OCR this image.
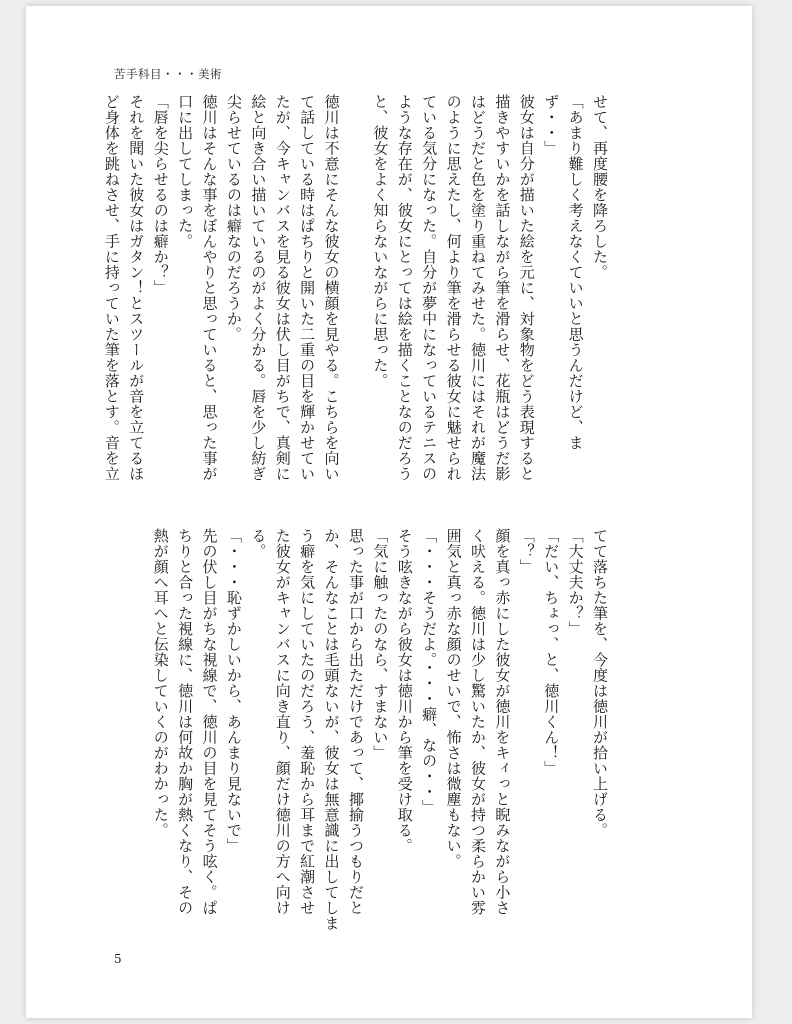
苦手科目・・・美術

せて、再度腰を降ろした。

「あまり難しく考えなくていいと思うんだけど、まず・・」

彼女は自分が描いた絵を元に、対象物をどう表現すると

描きやすいかを話しながら筆を滑らせ、花瓶はどうだ影

はどうだと色を塗り重ねてみせた。徳川にはそれが魔法

のように思えたし、何より筆を滑らせる彼女に魅せられ

ている気分になった。自分が夢中になっているテニスの

ような存在が、彼女にとっては絵を描くことなのだろう

と、彼女をよく知らないながらに思った。

徳川は不意にそんな彼女の横顔を見やる。こちらを向い

て話している時はぱちりと開いた二重の目を輝かせてい

たが、今キャンバスを見る彼女は伏し目がちで、真剣に

絵と向き合い描いているのがよく分かる。唇を少し紡ぎ

尖らせているのは癖なのだろうか。

徳川はそんな事をぼんやりと思っていると、思った事が

口に出してしまった。

「唇を尖らせるのは癖か？」

それを聞いた彼女はガタン！とスツールが音を立てるほ

ど身体を跳ねさせ、手に持っていた筆を落とす。音を立

てて落ちた筆を、今度は徳川が拾い上げる。

「大丈夫か？」

「だい、ちょっ、と、徳川くん！」

「？」

顔を真っ赤にした彼女が徳川をキィっと睨みながら小さ

く吠える。徳川は少し驚いたか、彼女が持つ柔らかい雰

囲気と真っ赤な顔のせいで、怖さは微塵もない。

「・・・そうだよ。・・・癖、なの・・」

そう呟きながら彼女は徳川から筆を受け取る。

「気に触ったのなら、すまない」

思った事が口から出ただけであって、揶揄うつもりだと

か、そんなことは毛頭ないが、彼女は無意識に出してしま

う癖を気にしていたのだろう、羞恥から耳まで紅潮させ

た彼女がキャンバスに向き直り、顔だけ徳川の方へ向け

る。

「・・・恥ずかしいから、あんまり見ないで」

先の伏し目がちな視線で、徳川の目を見てそう呟く。ぱ

ちりと合った視線に、徳川は何故か胸が熱くなり、その

熱が顔へ耳へと伝染していくのがわかった。

5
